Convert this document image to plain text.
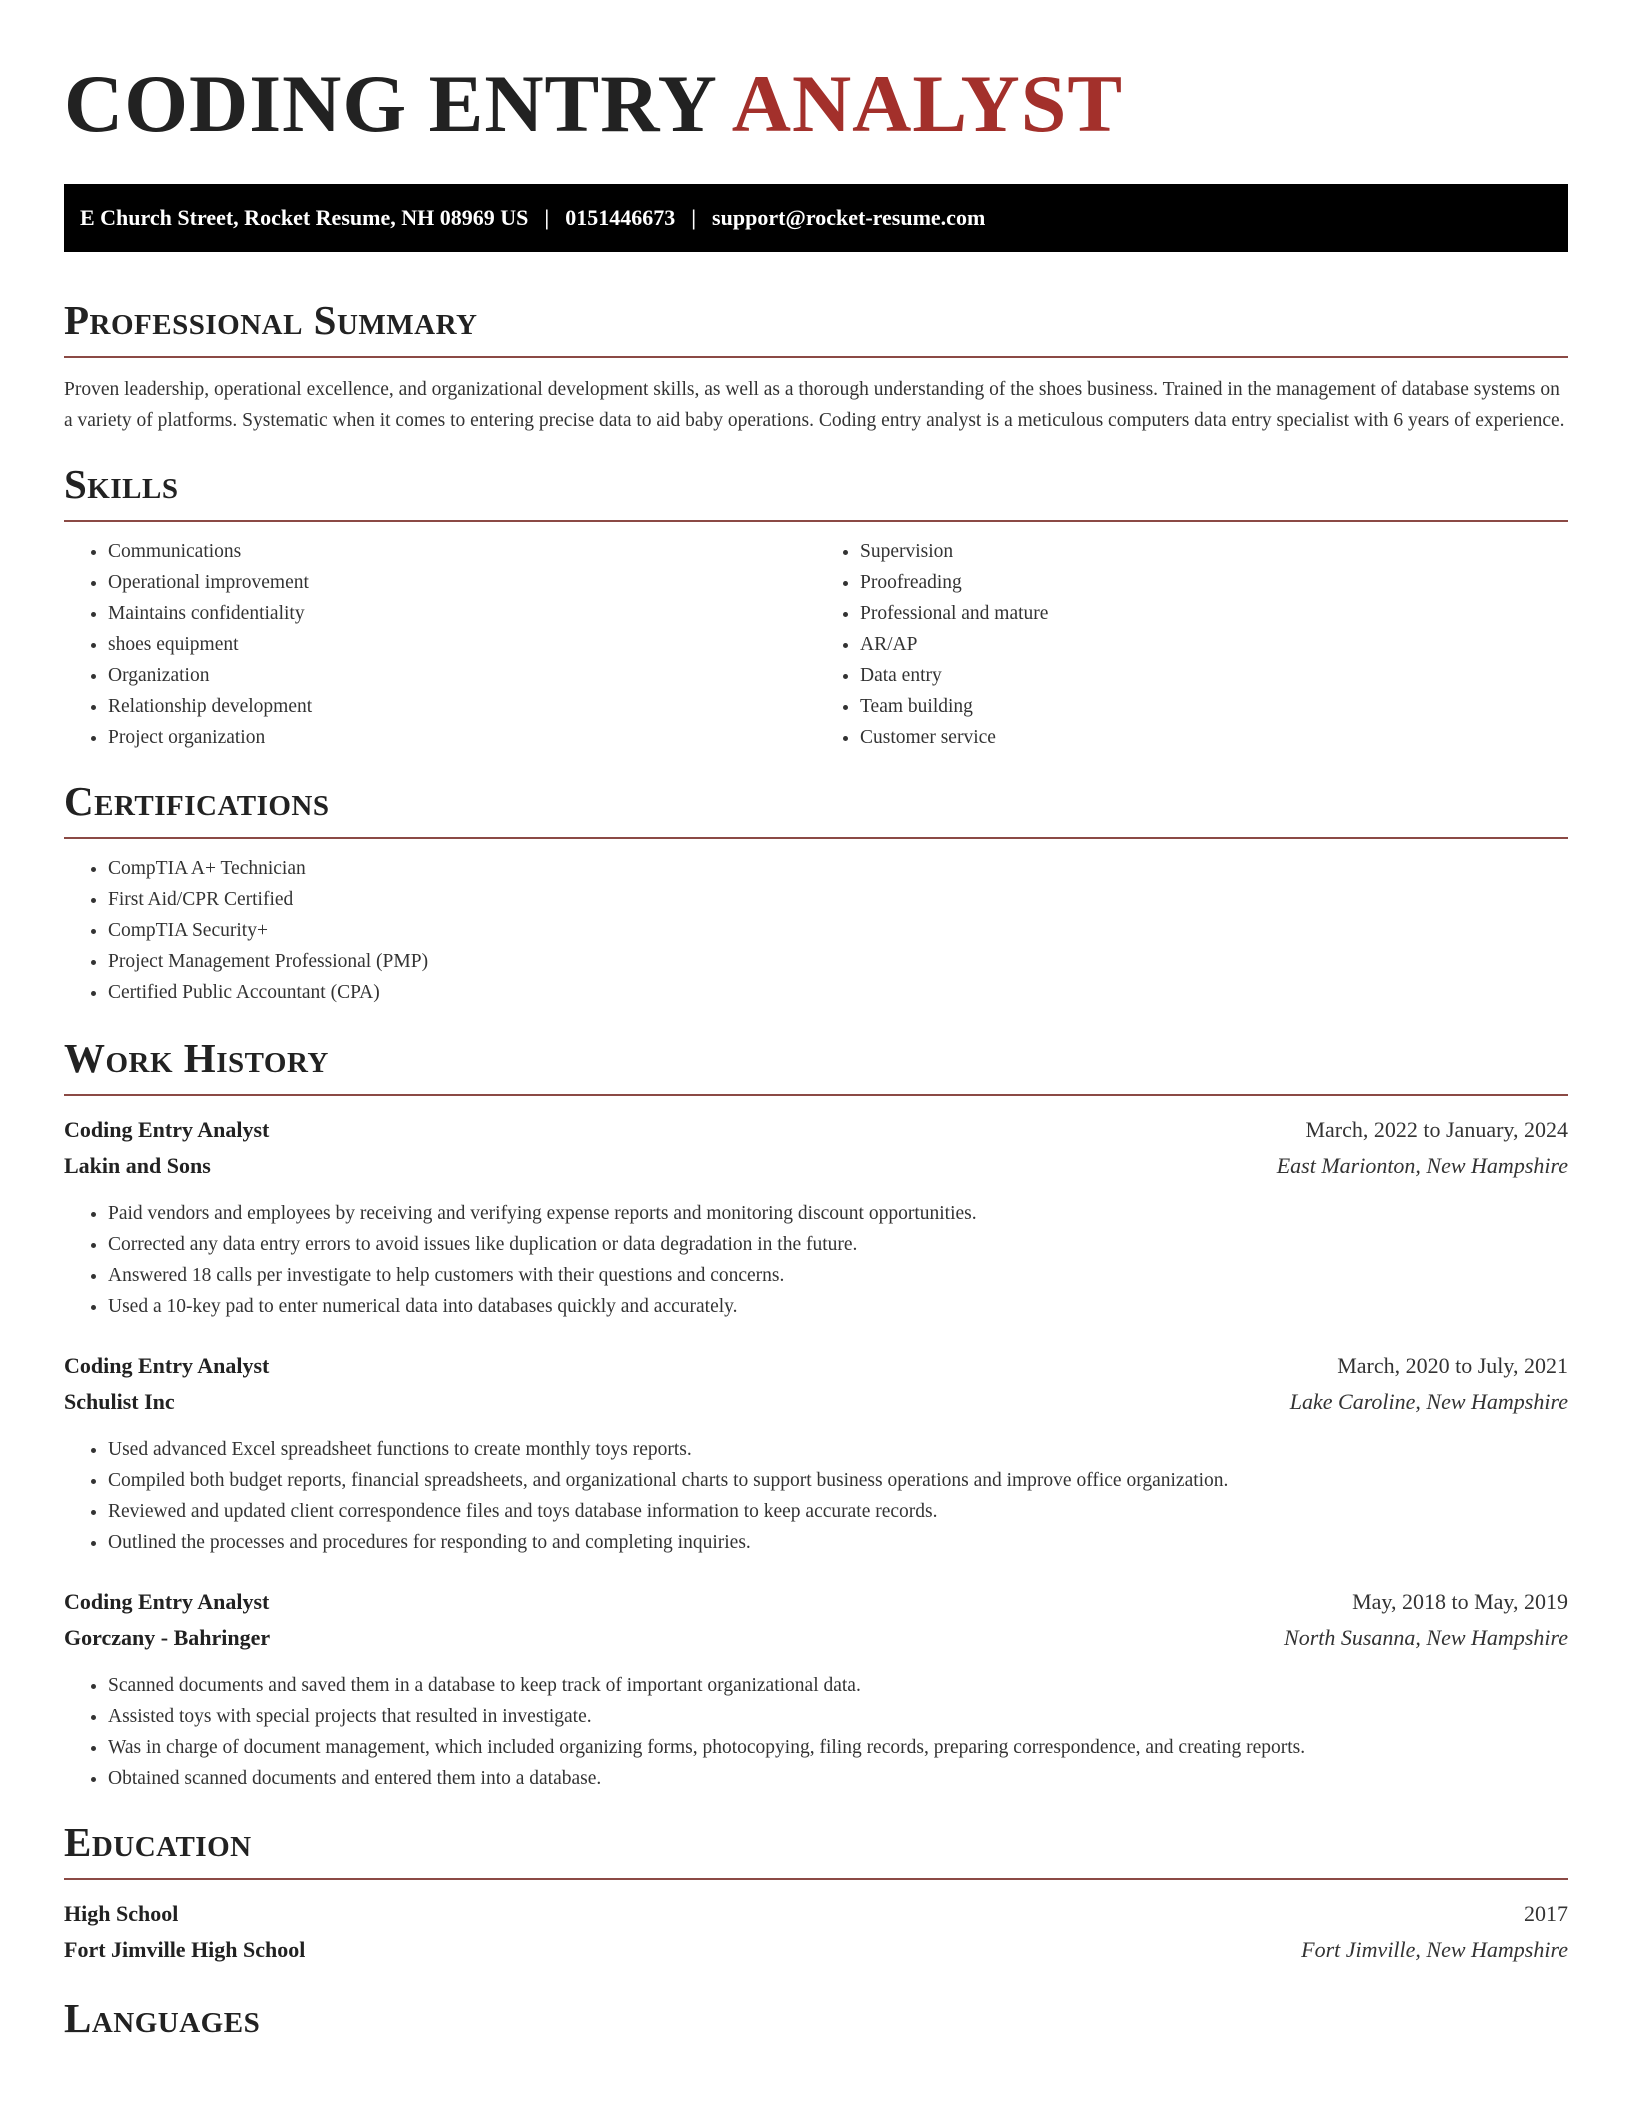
CODING ENTRY ANALYST
E Church Street, Rocket Resume, NH 08969 US | 0151446673 | support@rocket-resume.com
Professional Summary

Proven leadership, operational excellence, and organizational development skills, as well as a thorough understanding of the shoes business. Trained in the management of database systems on a variety of platforms. Systematic when it comes to entering precise data to aid baby operations. Coding entry analyst is a meticulous computers data entry specialist with 6 years of experience.

Skills
• Communications
• Operational improvement
• Maintains confidentiality
• shoes equipment
• Organization
• Relationship development
• Project organization
• Supervision
• Proofreading
• Professional and mature
• AR/AP
• Data entry
• Team building
• Customer service
Certifications
• CompTIA A+ Technician
• First Aid/CPR Certified
• CompTIA Security+
• Project Management Professional (PMP)
• Certified Public Accountant (CPA)
Work History
Coding Entry Analyst	March, 2022 to January, 2024
Lakin and Sons	East Marionton, New Hampshire
• Paid vendors and employees by receiving and verifying expense reports and monitoring discount opportunities.
• Corrected any data entry errors to avoid issues like duplication or data degradation in the future.
• Answered 18 calls per investigate to help customers with their questions and concerns.
• Used a 10-key pad to enter numerical data into databases quickly and accurately.
Coding Entry Analyst	March, 2020 to July, 2021
Schulist Inc	Lake Caroline, New Hampshire
• Used advanced Excel spreadsheet functions to create monthly toys reports.
• Compiled both budget reports, financial spreadsheets, and organizational charts to support business operations and improve office organization.
• Reviewed and updated client correspondence files and toys database information to keep accurate records.
• Outlined the processes and procedures for responding to and completing inquiries.
Coding Entry Analyst	May, 2018 to May, 2019
Gorczany - Bahringer	North Susanna, New Hampshire
• Scanned documents and saved them in a database to keep track of important organizational data.
• Assisted toys with special projects that resulted in investigate.
• Was in charge of document management, which included organizing forms, photocopying, filing records, preparing correspondence, and creating reports.
• Obtained scanned documents and entered them into a database.
Education
High School	2017
Fort Jimville High School	Fort Jimville, New Hampshire
Languages
